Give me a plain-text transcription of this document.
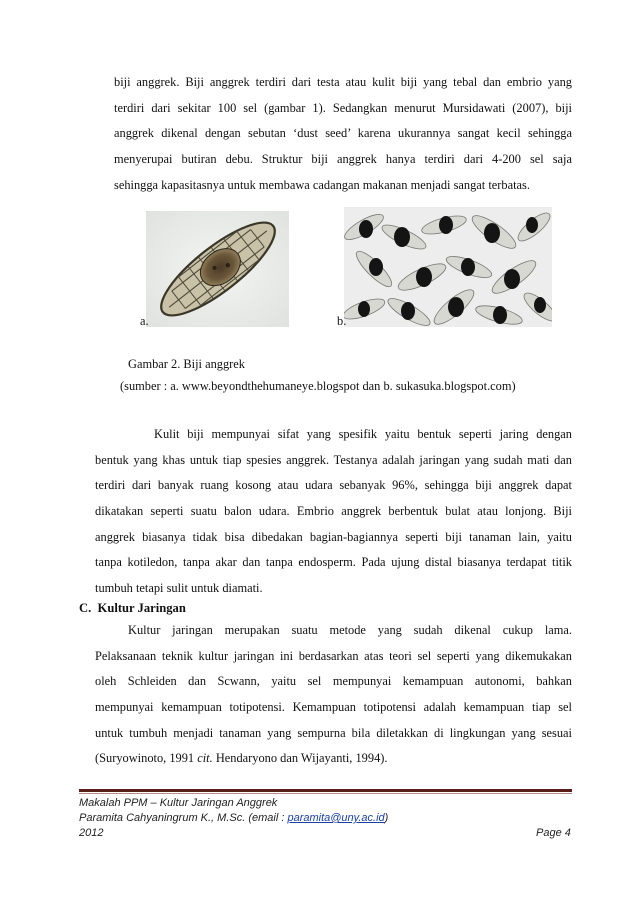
biji anggrek. Biji anggrek terdiri dari testa atau kulit biji yang tebal dan embrio yang
terdiri dari sekitar 100 sel (gambar 1). Sedangkan menurut Mursidawati (2007), biji
anggrek dikenal dengan sebutan ‘dust seed’ karena ukurannya sangat kecil sehingga
menyerupai butiran debu. Struktur biji anggrek hanya terdiri dari 4-200 sel saja
sehingga kapasitasnya untuk membawa cadangan makanan menjadi sangat terbatas.
a.	b.
Gambar 2. Biji anggrek
(sumber : a. www.beyondthehumaneye.blogspot dan b. sukasuka.blogspot.com)
Kulit biji mempunyai sifat yang spesifik yaitu bentuk seperti jaring dengan
bentuk yang khas untuk tiap spesies anggrek. Testanya adalah jaringan yang sudah mati dan
terdiri dari banyak ruang kosong atau udara sebanyak 96%, sehingga biji anggrek dapat
dikatakan seperti suatu balon udara. Embrio anggrek berbentuk bulat atau lonjong. Biji
anggrek biasanya tidak bisa dibedakan bagian-bagiannya seperti biji tanaman lain, yaitu
tanpa kotiledon, tanpa akar dan tanpa endosperm. Pada ujung distal biasanya terdapat titik
tumbuh tetapi sulit untuk diamati.
C.  Kultur Jaringan
Kultur jaringan merupakan suatu metode yang sudah dikenal cukup lama.
Pelaksanaan teknik kultur jaringan ini berdasarkan atas teori sel seperti yang dikemukakan
oleh Schleiden dan Scwann, yaitu sel mempunyai kemampuan autonomi, bahkan
mempunyai kemampuan totipotensi. Kemampuan totipotensi adalah kemampuan tiap sel
untuk tumbuh menjadi tanaman yang sempurna bila diletakkan di lingkungan yang sesuai
(Suryowinoto, 1991 cit. Hendaryono dan Wijayanti, 1994).
Makalah PPM – Kultur Jaringan Anggrek
Paramita Cahyaningrum K., M.Sc. (email : paramita@uny.ac.id)
2012	Page 4
